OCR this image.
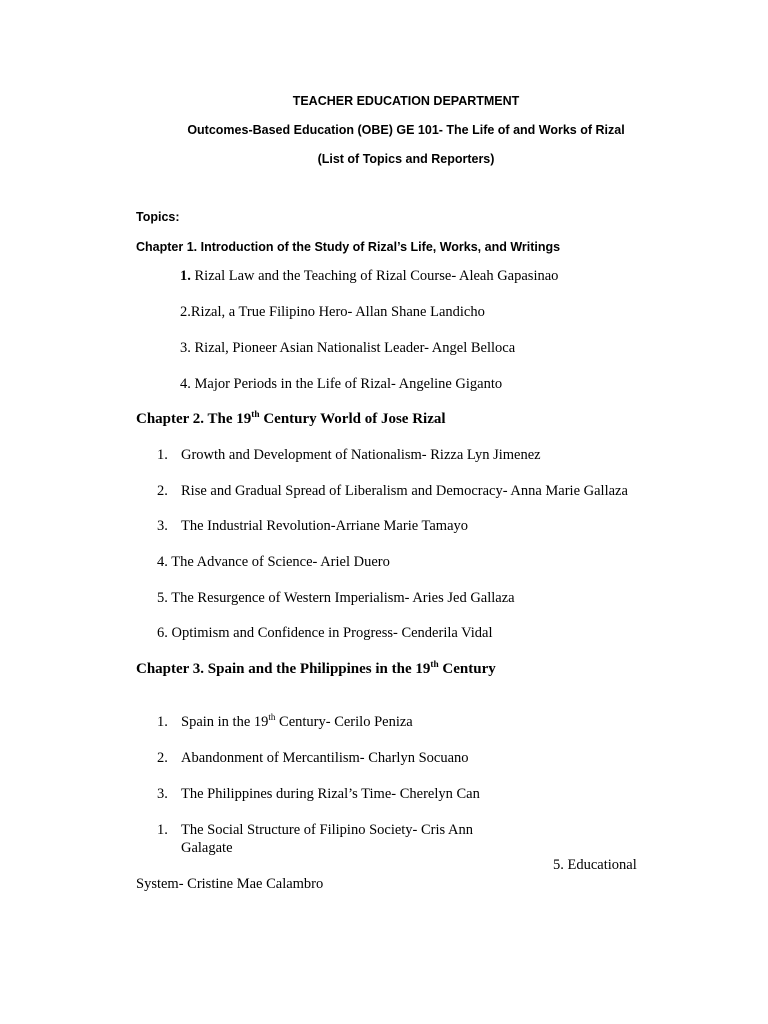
TEACHER EDUCATION DEPARTMENT
Outcomes-Based Education (OBE) GE 101- The Life of and Works of Rizal
(List of Topics and Reporters)
Topics:
Chapter 1. Introduction of the Study of Rizal’s Life, Works, and Writings
1. Rizal Law and the Teaching of Rizal Course- Aleah Gapasinao
2.Rizal, a True Filipino Hero- Allan Shane Landicho
3. Rizal, Pioneer Asian Nationalist Leader- Angel Belloca
4. Major Periods in the Life of Rizal- Angeline Giganto
Chapter 2. The 19th Century World of Jose Rizal
1. Growth and Development of Nationalism- Rizza Lyn Jimenez
2. Rise and Gradual Spread of Liberalism and Democracy- Anna Marie Gallaza
3. The Industrial Revolution-Arriane Marie Tamayo
4. The Advance of Science- Ariel Duero
5. The Resurgence of Western Imperialism- Aries Jed Gallaza
6. Optimism and Confidence in Progress- Cenderila Vidal
Chapter 3. Spain and the Philippines in the 19th Century
1. Spain in the 19th Century- Cerilo Peniza
2. Abandonment of Mercantilism- Charlyn Socuano
3. The Philippines during Rizal’s Time- Cherelyn Can
1. The Social Structure of Filipino Society- Cris Ann
Galagate
5. Educational
System- Cristine Mae Calambro
